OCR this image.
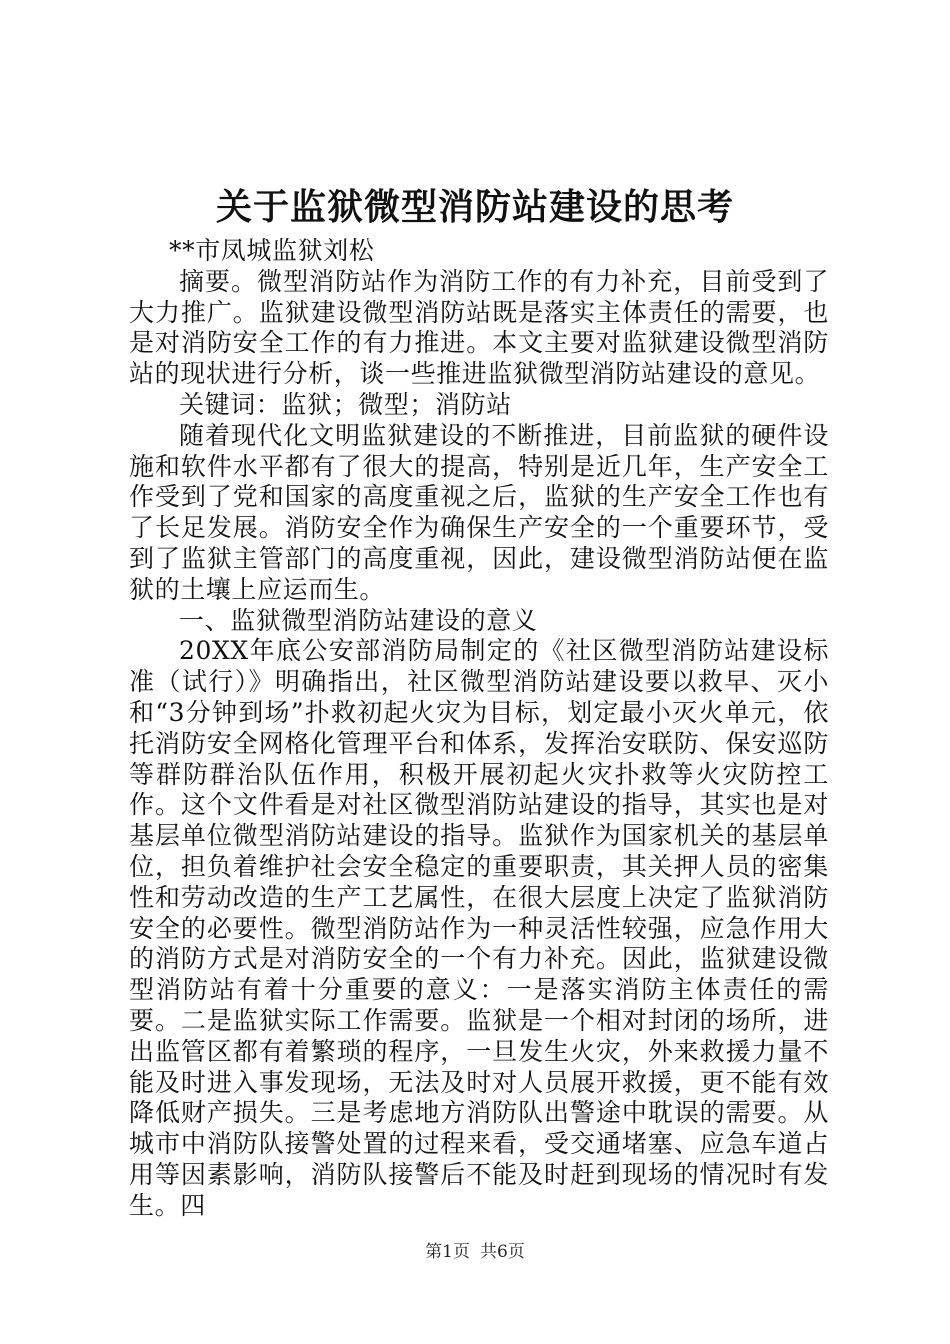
关于监狱微型消防站建设的思考

**市凤城监狱刘松

摘要。微型消防站作为消防工作的有力补充，目前受到了大力推广。监狱建设微型消防站既是落实主体责任的需要，也是对消防安全工作的有力推进。本文主要对监狱建设微型消防站的现状进行分析，谈一些推进监狱微型消防站建设的意见。

关键词：监狱；微型；消防站

随着现代化文明监狱建设的不断推进，目前监狱的硬件设施和软件水平都有了很大的提高，特别是近几年，生产安全工作受到了党和国家的高度重视之后，监狱的生产安全工作也有了长足发展。消防安全作为确保生产安全的一个重要环节，受到了监狱主管部门的高度重视，因此，建设微型消防站便在监狱的土壤上应运而生。

一、监狱微型消防站建设的意义

20XX年底公安部消防局制定的《社区微型消防站建设标准（试行）》明确指出，社区微型消防站建设要以救早、灭小和“3分钟到场”扑救初起火灾为目标，划定最小灭火单元，依托消防安全网格化管理平台和体系，发挥治安联防、保安巡防等群防群治队伍作用，积极开展初起火灾扑救等火灾防控工作。这个文件看是对社区微型消防站建设的指导，其实也是对基层单位微型消防站建设的指导。监狱作为国家机关的基层单位，担负着维护社会安全稳定的重要职责，其关押人员的密集性和劳动改造的生产工艺属性，在很大层度上决定了监狱消防安全的必要性。微型消防站作为一种灵活性较强，应急作用大的消防方式是对消防安全的一个有力补充。因此，监狱建设微型消防站有着十分重要的意义：一是落实消防主体责任的需要。二是监狱实际工作需要。监狱是一个相对封闭的场所，进出监管区都有着繁琐的程序，一旦发生火灾，外来救援力量不能及时进入事发现场，无法及时对人员展开救援，更不能有效降低财产损失。三是考虑地方消防队出警途中耽误的需要。从城市中消防队接警处置的过程来看，受交通堵塞、应急车道占用等因素影响，消防队接警后不能及时赶到现场的情况时有发生。四

第1页 共6页
